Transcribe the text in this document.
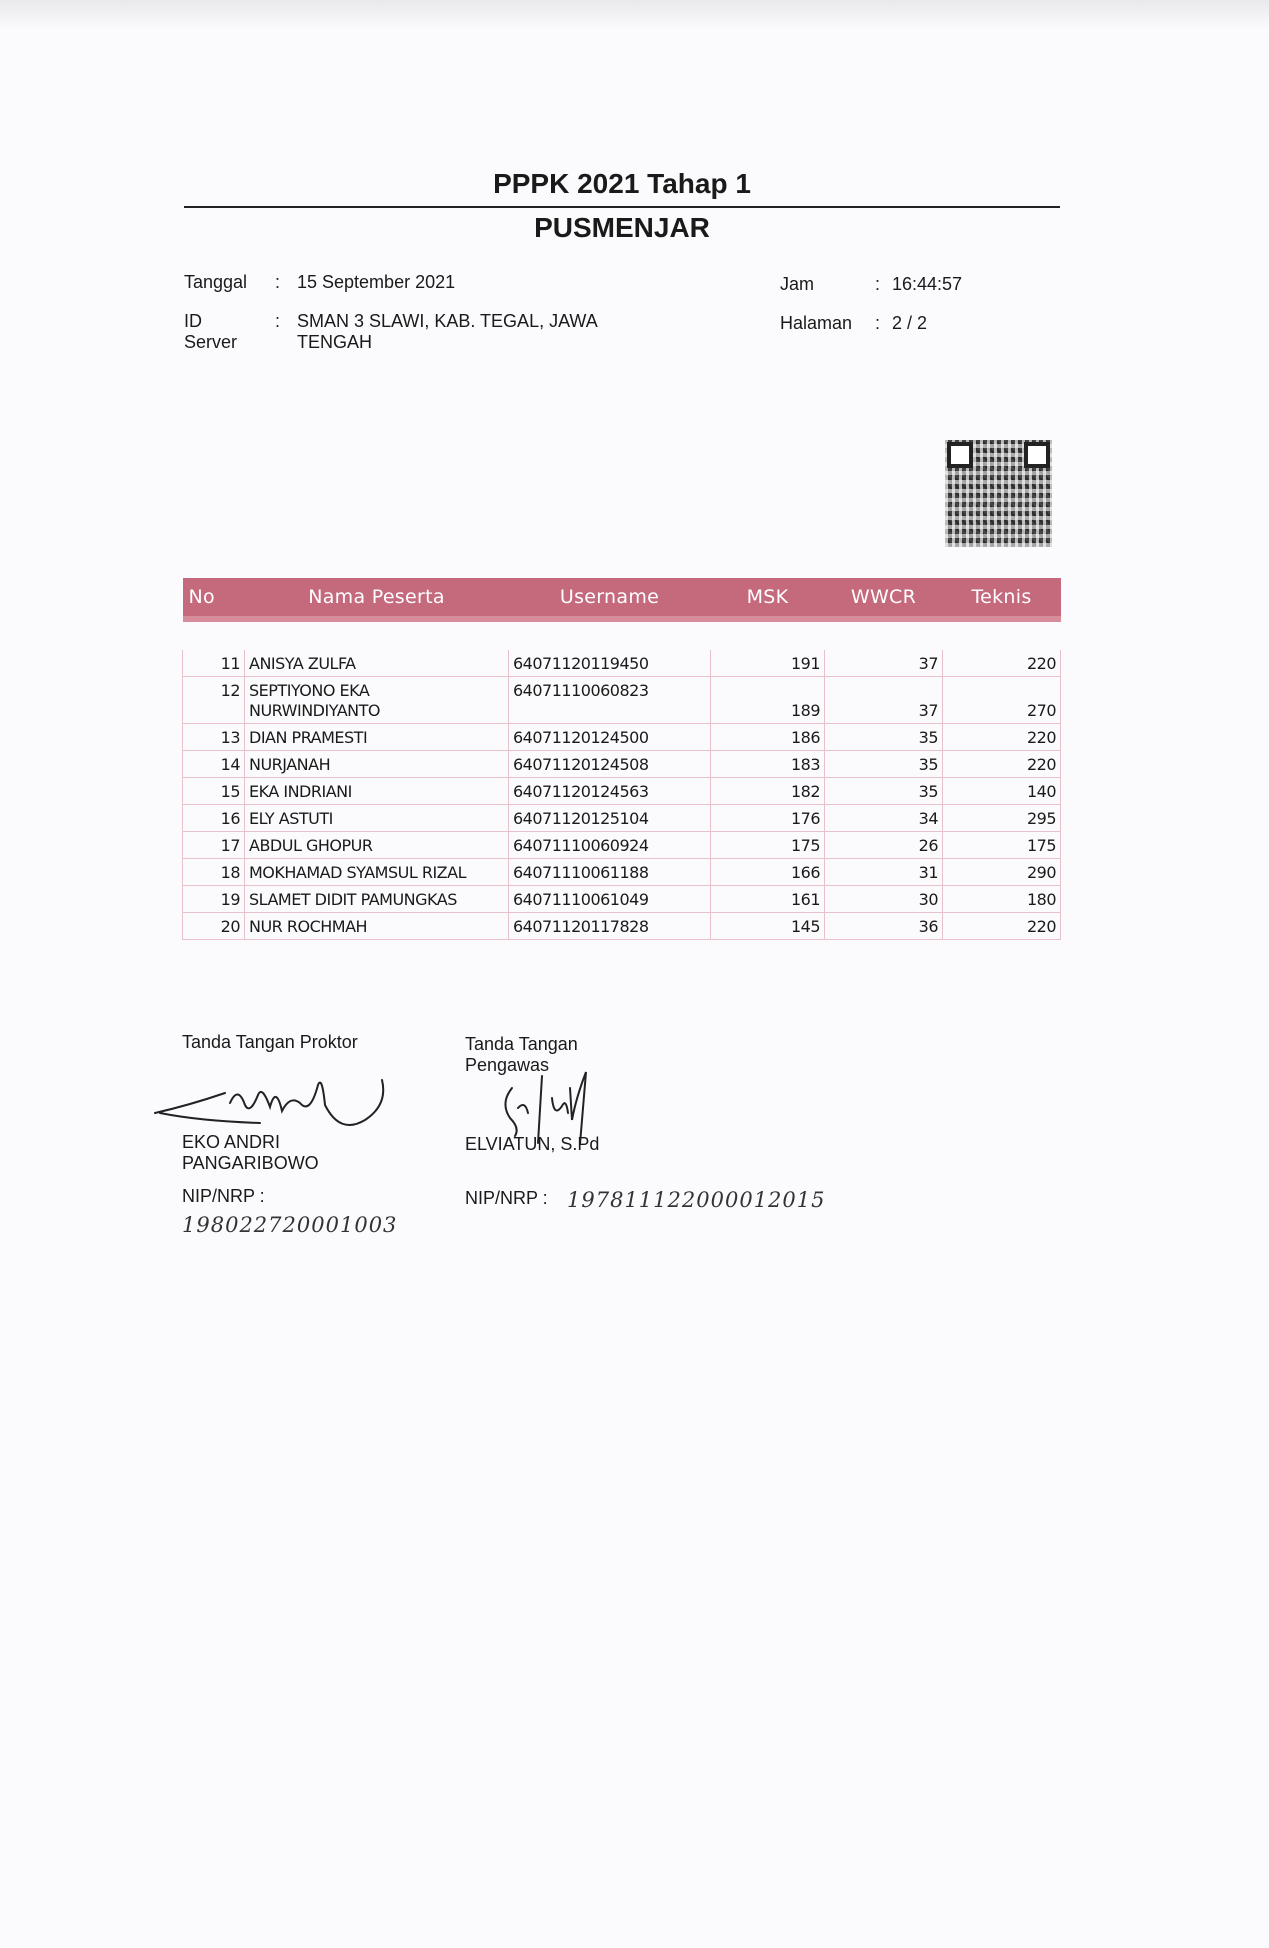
PPPK 2021 Tahap 1
PUSMENJAR
Tanggal	: 15 September 2021
ID Server
: SMAN 3 SLAWI, KAB. TEGAL, JAWA TENGAH
Jam	: 16:44:57
Halaman	: 2 / 2
No	Nama Peserta	Username	MSK	WWCR	Teknis

11	ANISYA ZULFA	64071120119450	191	37	220
12	SEPTIYONO EKA NURWINDIYANTO	64071110060823	189	37	270
13	DIAN PRAMESTI	64071120124500	186	35	220
14	NURJANAH	64071120124508	183	35	220
15	EKA INDRIANI	64071120124563	182	35	140
16	ELY ASTUTI	64071120125104	176	34	295
17	ABDUL GHOPUR	64071110060924	175	26	175
18	MOKHAMAD SYAMSUL RIZAL	64071110061188	166	31	290
19	SLAMET DIDIT PAMUNGKAS	64071110061049	161	30	180
20	NUR ROCHMAH	64071120117828	145	36	220
Tanda Tangan Proktor
EKO ANDRI PANGARIBOWO
NIP/NRP :
198022720001003
Tanda Tangan Pengawas
ELVIATUN, S.Pd
NIP/NRP : 197811122000012015
